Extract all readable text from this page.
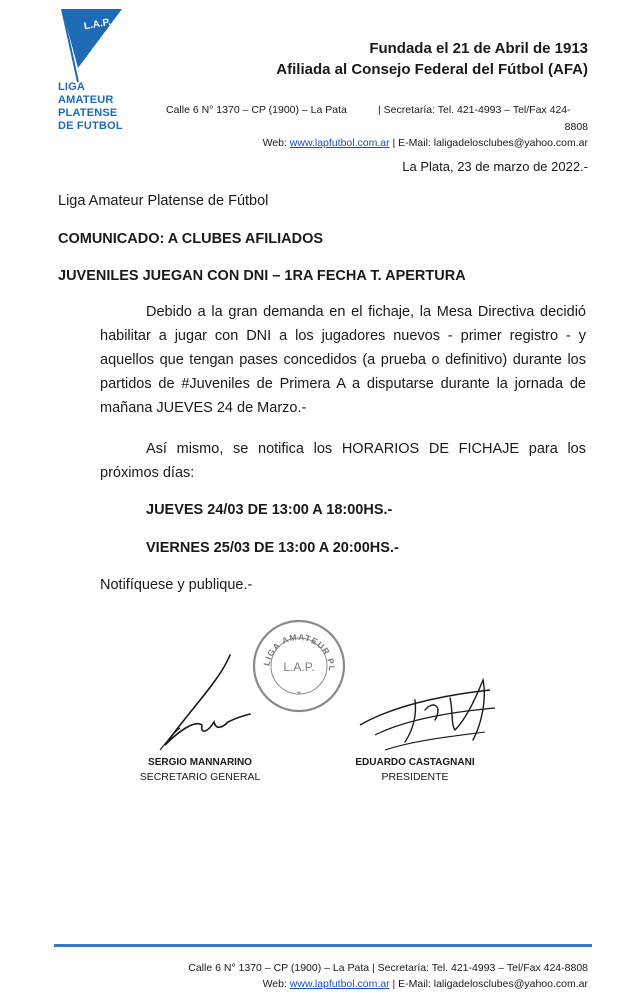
L.A.P.
LIGA
AMATEUR
PLATENSE
DE FUTBOL
Fundada el 21 de Abril de 1913
Afiliada al Consejo Federal del Fútbol (AFA)
Calle 6 N° 1370 – CP (1900) – La Pata	| Secretaría: Tel. 421-4993 – Tel/Fax 424-
8808
Web: www.lapfutbol.com.ar | E-Mail: laligadelosclubes@yahoo.com.ar
La Plata, 23 de marzo de 2022.-
Liga Amateur Platense de Fútbol
COMUNICADO: A CLUBES AFILIADOS
JUVENILES JUEGAN CON DNI – 1RA FECHA T. APERTURA
Debido a la gran demanda en el fichaje, la Mesa Directiva decidió habilitar a jugar con DNI a los jugadores nuevos - primer registro - y aquellos que tengan pases concedidos (a prueba o definitivo) durante los partidos de #Juveniles de Primera A a disputarse durante la jornada de mañana JUEVES 24 de Marzo.-
Así mismo, se notifica los HORARIOS DE FICHAJE para los próximos días:
JUEVES 24/03 DE 13:00 A 18:00HS.-
VIERNES 25/03 DE 13:00 A 20:00HS.-
Notifíquese y publique.-
LIGA AMATEUR PL
L.A.P.
*
SERGIO MANNARINO
SECRETARIO GENERAL
EDUARDO CASTAGNANI
PRESIDENTE
Calle 6 N° 1370 – CP (1900) – La Pata | Secretaría: Tel. 421-4993 – Tel/Fax 424-8808
Web: www.lapfutbol.com.ar | E-Mail: laligadelosclubes@yahoo.com.ar
